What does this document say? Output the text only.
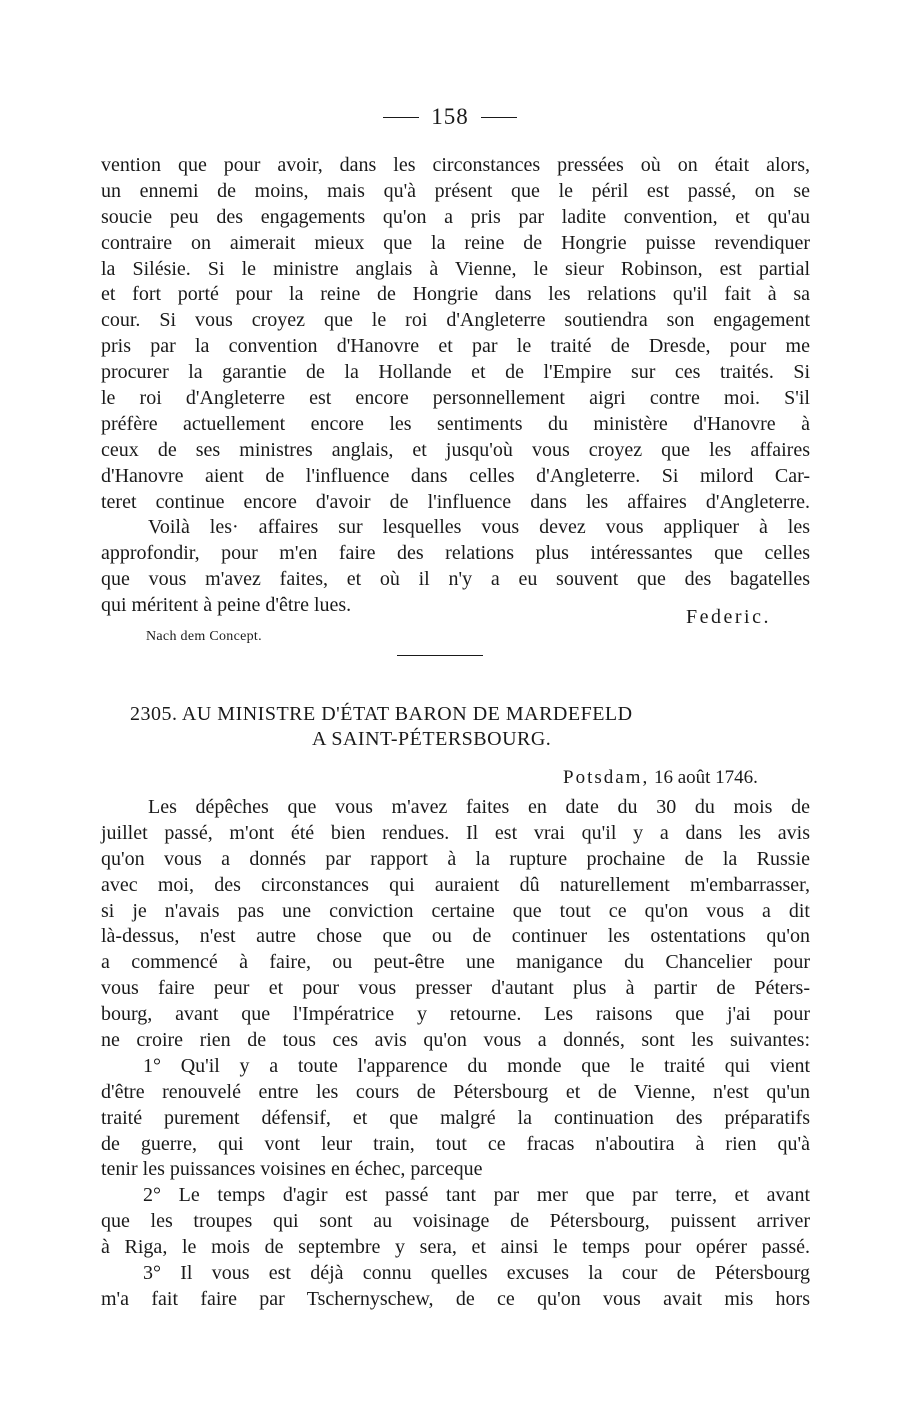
158
vention que pour avoir, dans les circonstances pressées où on était alors,
un ennemi de moins, mais qu'à présent que le péril est passé, on se
soucie peu des engagements qu'on a pris par ladite convention, et qu'au
contraire on aimerait mieux que la reine de Hongrie puisse revendiquer
la Silésie. Si le ministre anglais à Vienne, le sieur Robinson, est partial
et fort porté pour la reine de Hongrie dans les relations qu'il fait à sa
cour. Si vous croyez que le roi d'Angleterre soutiendra son engagement
pris par la convention d'Hanovre et par le traité de Dresde, pour me
procurer la garantie de la Hollande et de l'Empire sur ces traités. Si
le roi d'Angleterre est encore personnellement aigri contre moi. S'il
préfère actuellement encore les sentiments du ministère d'Hanovre à
ceux de ses ministres anglais, et jusqu'où vous croyez que les affaires
d'Hanovre aient de l'influence dans celles d'Angleterre. Si milord Car-
teret continue encore d'avoir de l'influence dans les affaires d'Angleterre.
Voilà les· affaires sur lesquelles vous devez vous appliquer à les
approfondir, pour m'en faire des relations plus intéressantes que celles
que vous m'avez faites, et où il n'y a eu souvent que des bagatelles
qui méritent à peine d'être lues.
Federic.
Nach dem Concept.
2305. AU MINISTRE D'ÉTAT BARON DE MARDEFELD
A SAINT-PÉTERSBOURG.
Potsdam, 16 août 1746.
Les dépêches que vous m'avez faites en date du 30 du mois de
juillet passé, m'ont été bien rendues. Il est vrai qu'il y a dans les avis
qu'on vous a donnés par rapport à la rupture prochaine de la Russie
avec moi, des circonstances qui auraient dû naturellement m'embarrasser,
si je n'avais pas une conviction certaine que tout ce qu'on vous a dit
là-dessus, n'est autre chose que ou de continuer les ostentations qu'on
a commencé à faire, ou peut-être une manigance du Chancelier pour
vous faire peur et pour vous presser d'autant plus à partir de Péters-
bourg, avant que l'Impératrice y retourne. Les raisons que j'ai pour
ne croire rien de tous ces avis qu'on vous a donnés, sont les suivantes:
1° Qu'il y a toute l'apparence du monde que le traité qui vient
d'être renouvelé entre les cours de Pétersbourg et de Vienne, n'est qu'un
traité purement défensif, et que malgré la continuation des préparatifs
de guerre, qui vont leur train, tout ce fracas n'aboutira à rien qu'à
tenir les puissances voisines en échec, parceque
2° Le temps d'agir est passé tant par mer que par terre, et avant
que les troupes qui sont au voisinage de Pétersbourg, puissent arriver
à Riga, le mois de septembre y sera, et ainsi le temps pour opérer passé.
3° Il vous est déjà connu quelles excuses la cour de Pétersbourg
m'a fait faire par Tschernyschew, de ce qu'on vous avait mis hors
